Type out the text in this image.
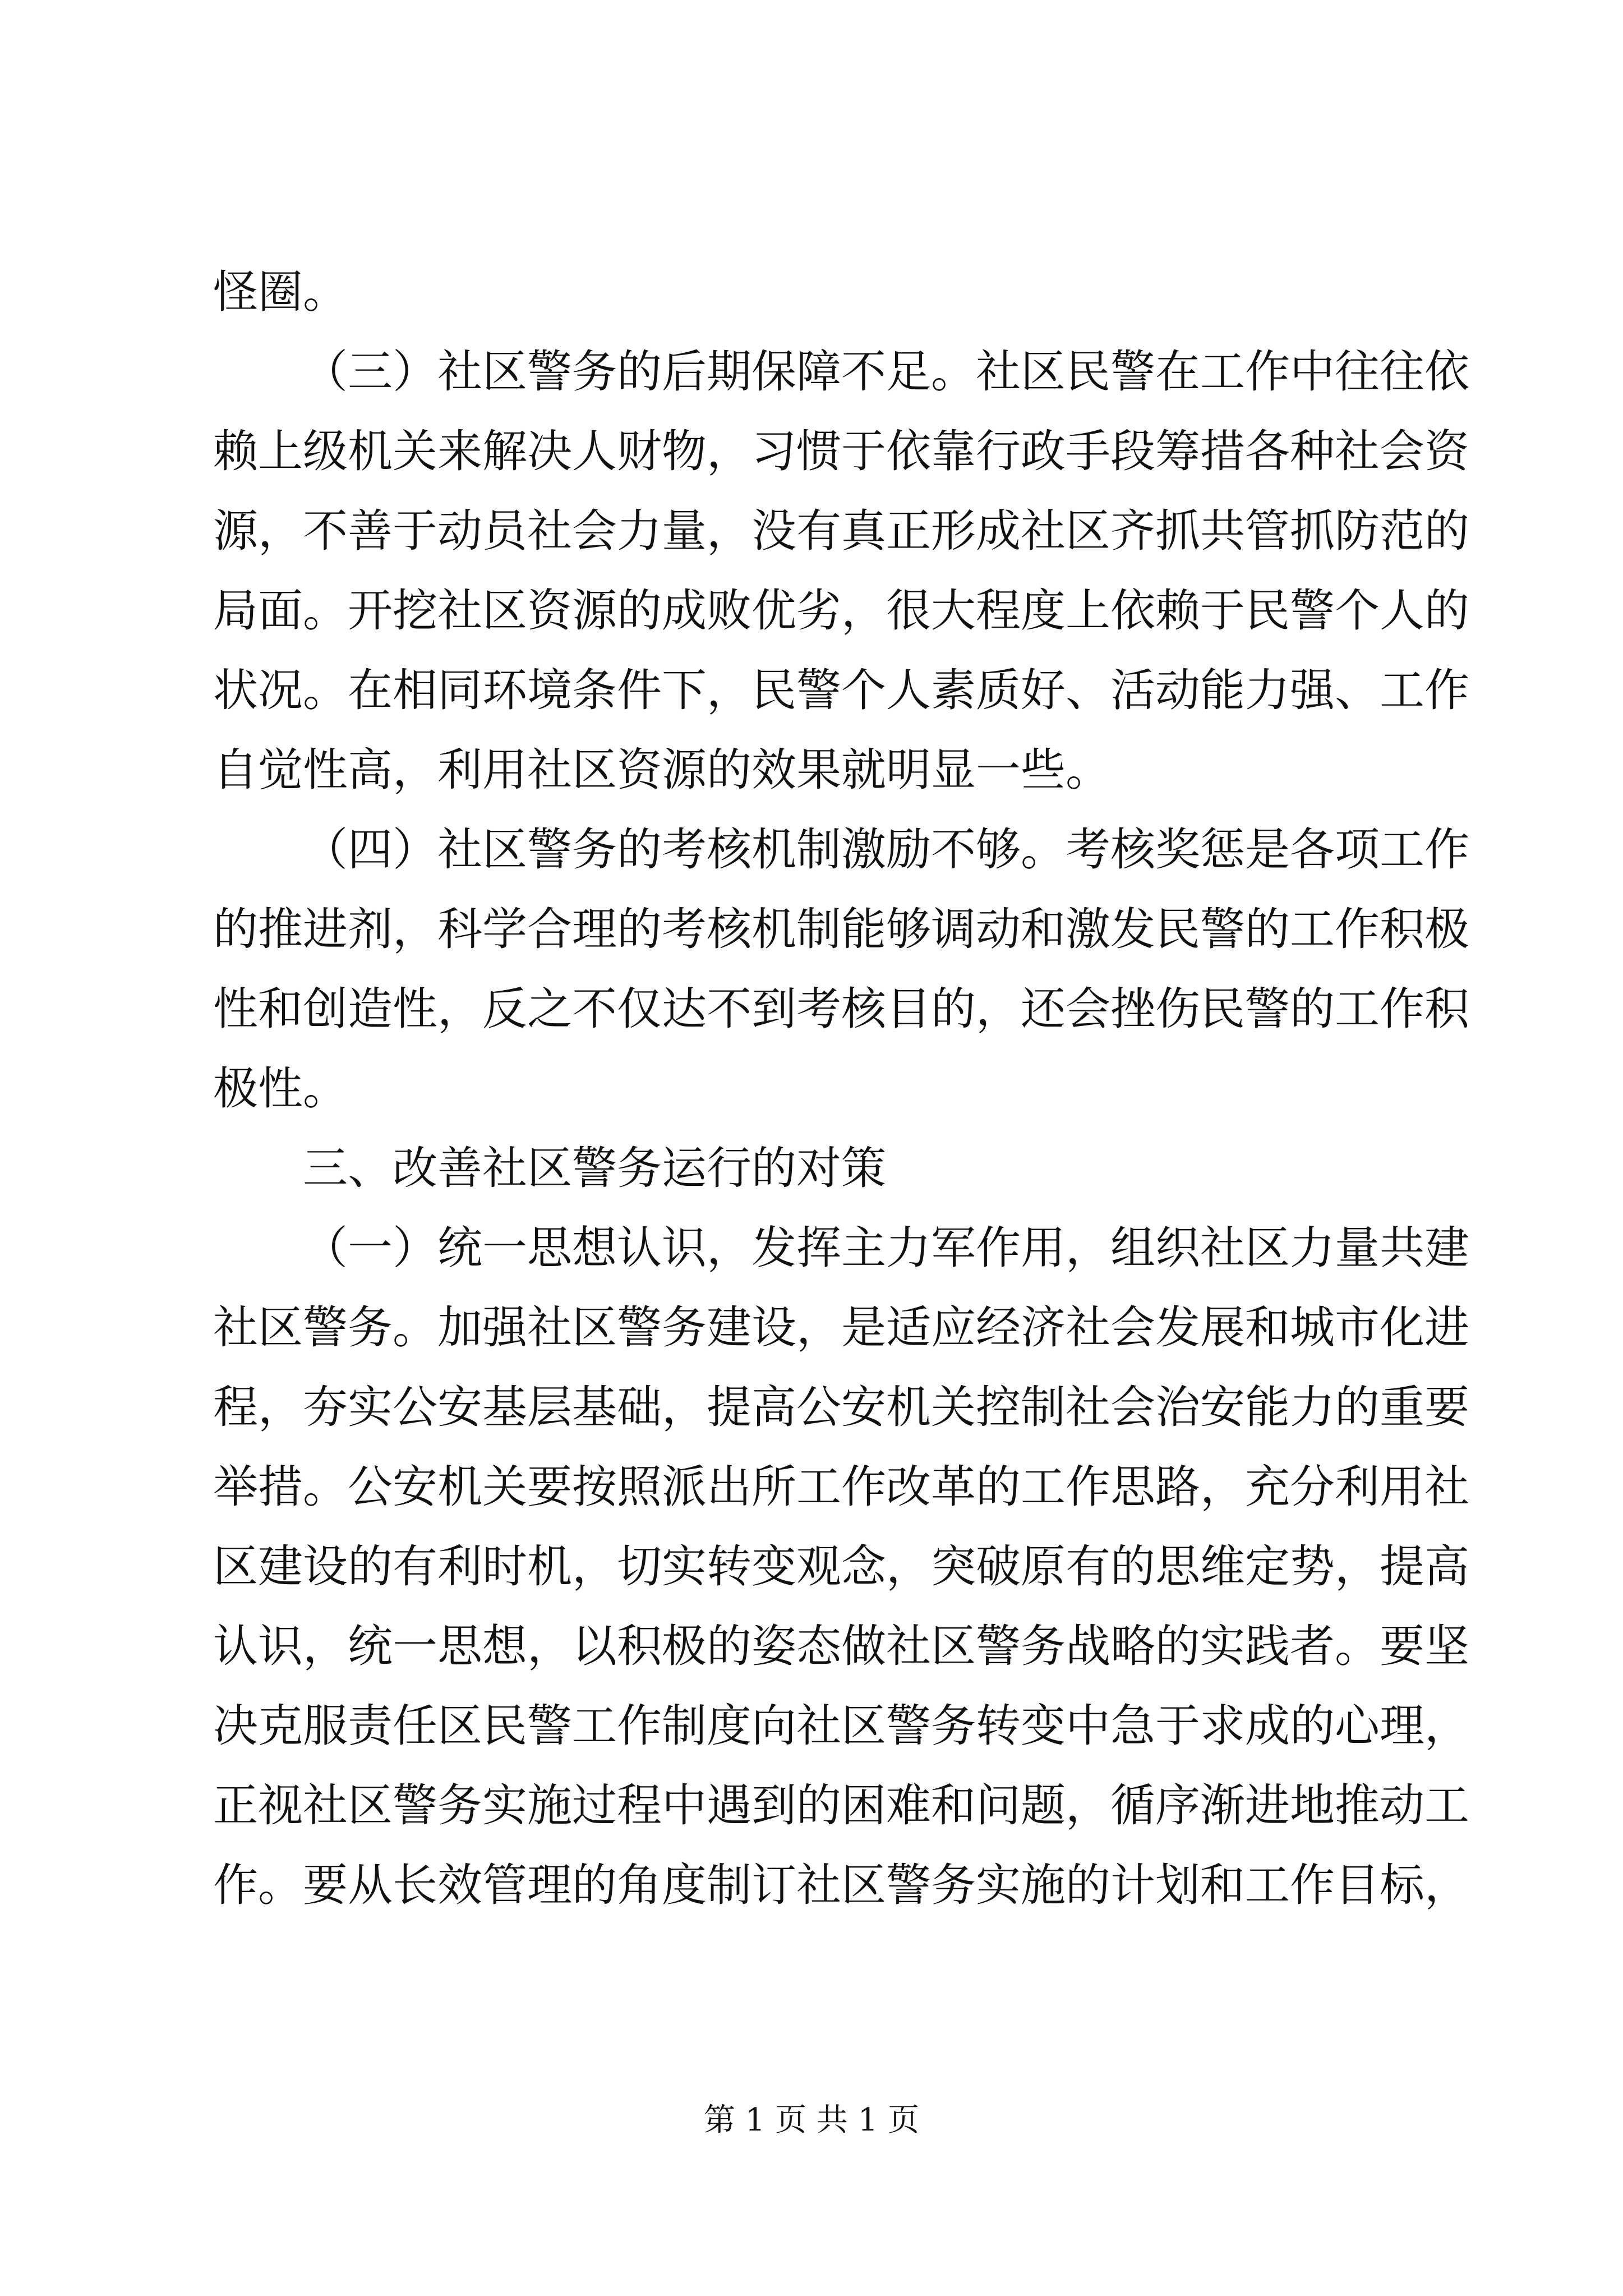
怪圈。
（三）社区警务的后期保障不足。社区民警在工作中往往依
赖上级机关来解决人财物，习惯于依靠行政手段筹措各种社会资
源，不善于动员社会力量，没有真正形成社区齐抓共管抓防范的
局面。开挖社区资源的成败优劣，很大程度上依赖于民警个人的
状况。在相同环境条件下，民警个人素质好、活动能力强、工作
自觉性高，利用社区资源的效果就明显一些。
（四）社区警务的考核机制激励不够。考核奖惩是各项工作
的推进剂，科学合理的考核机制能够调动和激发民警的工作积极
性和创造性，反之不仅达不到考核目的，还会挫伤民警的工作积
极性。
三、改善社区警务运行的对策
（一）统一思想认识，发挥主力军作用，组织社区力量共建
社区警务。加强社区警务建设，是适应经济社会发展和城市化进
程，夯实公安基层基础，提高公安机关控制社会治安能力的重要
举措。公安机关要按照派出所工作改革的工作思路，充分利用社
区建设的有利时机，切实转变观念，突破原有的思维定势，提高
认识，统一思想，以积极的姿态做社区警务战略的实践者。要坚
决克服责任区民警工作制度向社区警务转变中急于求成的心理，
正视社区警务实施过程中遇到的困难和问题，循序渐进地推动工
作。要从长效管理的角度制订社区警务实施的计划和工作目标，
第 1 页 共 1 页
